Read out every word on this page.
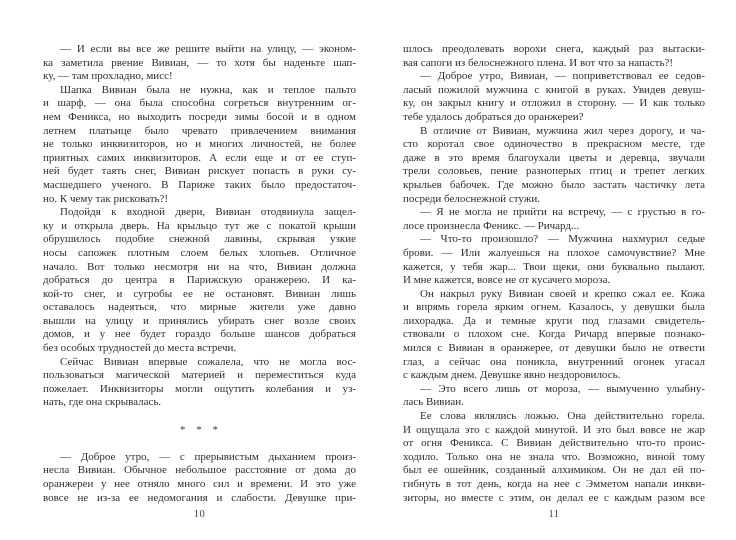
— И если вы все же решите выйти на улицу, — эконом-
ка заметила рвение Вивиан, — то хотя бы наденьте шап-
ку, — там прохладно, мисс!
Шапка Вивиан была не нужна, как и теплое пальто
и шарф, — она была способна согреться внутренним ог-
нем Феникса, но выходить посреди зимы босой и в одном
летнем платьице было чревато привлечением внимания
не только инквизиторов, но и многих личностей, не более
приятных самих инквизиторов. А если еще и от ее ступ-
ней будет таять снег, Вивиан рискует попасть в руки су-
масшедшего ученого. В Париже таких было предостаточ-
но. К чему так рисковать?!
Подойдя к входной двери, Вивиан отодвинула защел-
ку и открыла дверь. На крыльцо тут же с покатой крыши
обрушилось подобие снежной лавины, скрывая узкие
носы сапожек плотным слоем белых хлопьев. Отличное
начало. Вот только несмотря ни на что, Вивиан должна
добраться до центра в Парижскую оранжерею. И ка-
кой-то снег, и сугробы ее не остановят. Вивиан лишь
оставалось надеяться, что мирные жители уже давно
вышли на улицу и принялись убирать снег возле своих
домов, и у нее будет гораздо больше шансов добраться
без особых трудностей до места встречи.
Сейчас Вивиан впервые сожалела, что не могла вос-
пользоваться магической материей и переместиться куда
пожелает. Инквизиторы могли ощутить колебания и уз-
нать, где она скрывалась.
* * *
— Доброе утро, — с прерывистым дыханием произ-
несла Вивиан. Обычное небольшое расстояние от дома до
оранжереи у нее отняло много сил и времени. И это уже
вовсе не из-за ее недомогания и слабости. Девушке при-
шлось преодолевать ворохи снега, каждый раз вытаски-
вая сапоги из белоснежного плена. И вот что за напасть?!
— Доброе утро, Вивиан, — поприветствовал ее седов-
ласый пожилой мужчина с книгой в руках. Увидев девуш-
ку, он закрыл книгу и отложил в сторону. — И как только
тебе удалось добраться до оранжереи?
В отличие от Вивиан, мужчина жил через дорогу, и ча-
сто коротал свое одиночество в прекрасном месте, где
даже в это время благоухали цветы и деревца, звучали
трели соловьев, пение разноперых птиц и трепет легких
крыльев бабочек. Где можно было застать частичку лета
посреди белоснежной стужи.
— Я не могла не прийти на встречу, — с грустью в го-
лосе произнесла Феникс. — Ричард...
— Что-то произошло? — Мужчина нахмурил седые
брови. — Или жалуешься на плохое самочувствие? Мне
кажется, у тебя жар... Твои щеки, они буквально пылают.
И мне кажется, вовсе не от кусачего мороза.
Он накрыл руку Вивиан своей и крепко сжал ее. Кожа
и впрямь горела ярким огнем. Казалось, у девушки была
лихорадка. Да и темные круги под глазами свидетель-
ствовали о плохом сне. Когда Ричард впервые познако-
мился с Вивиан в оранжерее, от девушки было не отвести
глаз, а сейчас она поникла, внутренний огонек угасал
с каждым днем. Девушке явно нездоровилось.
— Это всего лишь от мороза, — вымученно улыбну-
лась Вивиан.
Ее слова являлись ложью. Она действительно горела.
И ощущала это с каждой минутой. И это был вовсе не жар
от огня Феникса. С Вивиан действительно что-то проис-
ходило. Только она не знала что. Возможно, виной тому
был ее ошейник, созданный алхимиком. Он не дал ей по-
гибнуть в тот день, когда на нее с Эмметом напали инкви-
зиторы, но вместе с этим, он делал ее с каждым разом все
10	11
